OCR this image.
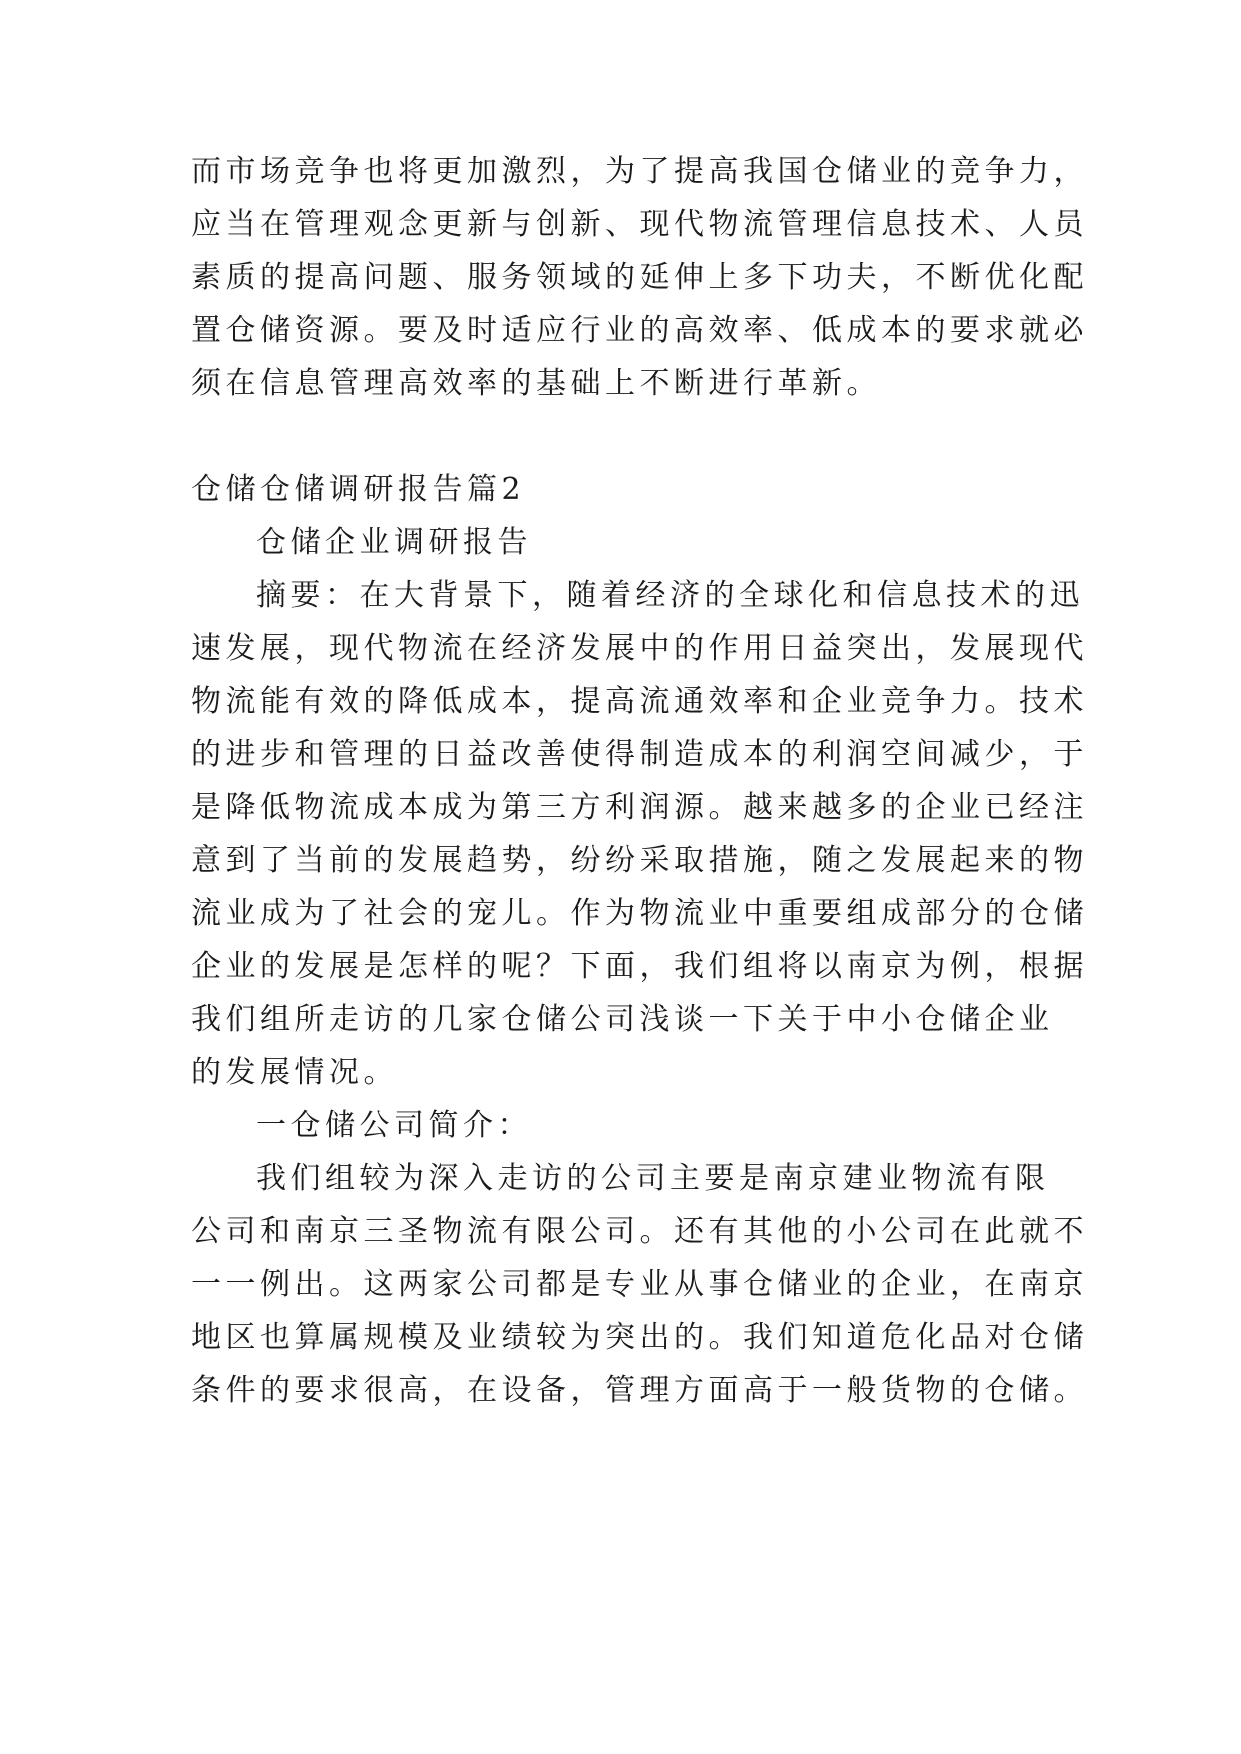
而市场竞争也将更加激烈，为了提高我国仓储业的竞争力，
应当在管理观念更新与创新、现代物流管理信息技术、人员
素质的提高问题、服务领域的延伸上多下功夫，不断优化配
置仓储资源。要及时适应行业的高效率、低成本的要求就必
须在信息管理高效率的基础上不断进行革新。
仓储仓储调研报告篇2
仓储企业调研报告
摘要：在大背景下，随着经济的全球化和信息技术的迅
速发展，现代物流在经济发展中的作用日益突出，发展现代
物流能有效的降低成本，提高流通效率和企业竞争力。技术
的进步和管理的日益改善使得制造成本的利润空间减少，于
是降低物流成本成为第三方利润源。越来越多的企业已经注
意到了当前的发展趋势，纷纷采取措施，随之发展起来的物
流业成为了社会的宠儿。作为物流业中重要组成部分的仓储
企业的发展是怎样的呢？下面，我们组将以南京为例，根据
我们组所走访的几家仓储公司浅谈一下关于中小仓储企业
的发展情况。
一仓储公司简介：
我们组较为深入走访的公司主要是南京建业物流有限
公司和南京三圣物流有限公司。还有其他的小公司在此就不
一一例出。这两家公司都是专业从事仓储业的企业，在南京
地区也算属规模及业绩较为突出的。我们知道危化品对仓储
条件的要求很高，在设备，管理方面高于一般货物的仓储。
